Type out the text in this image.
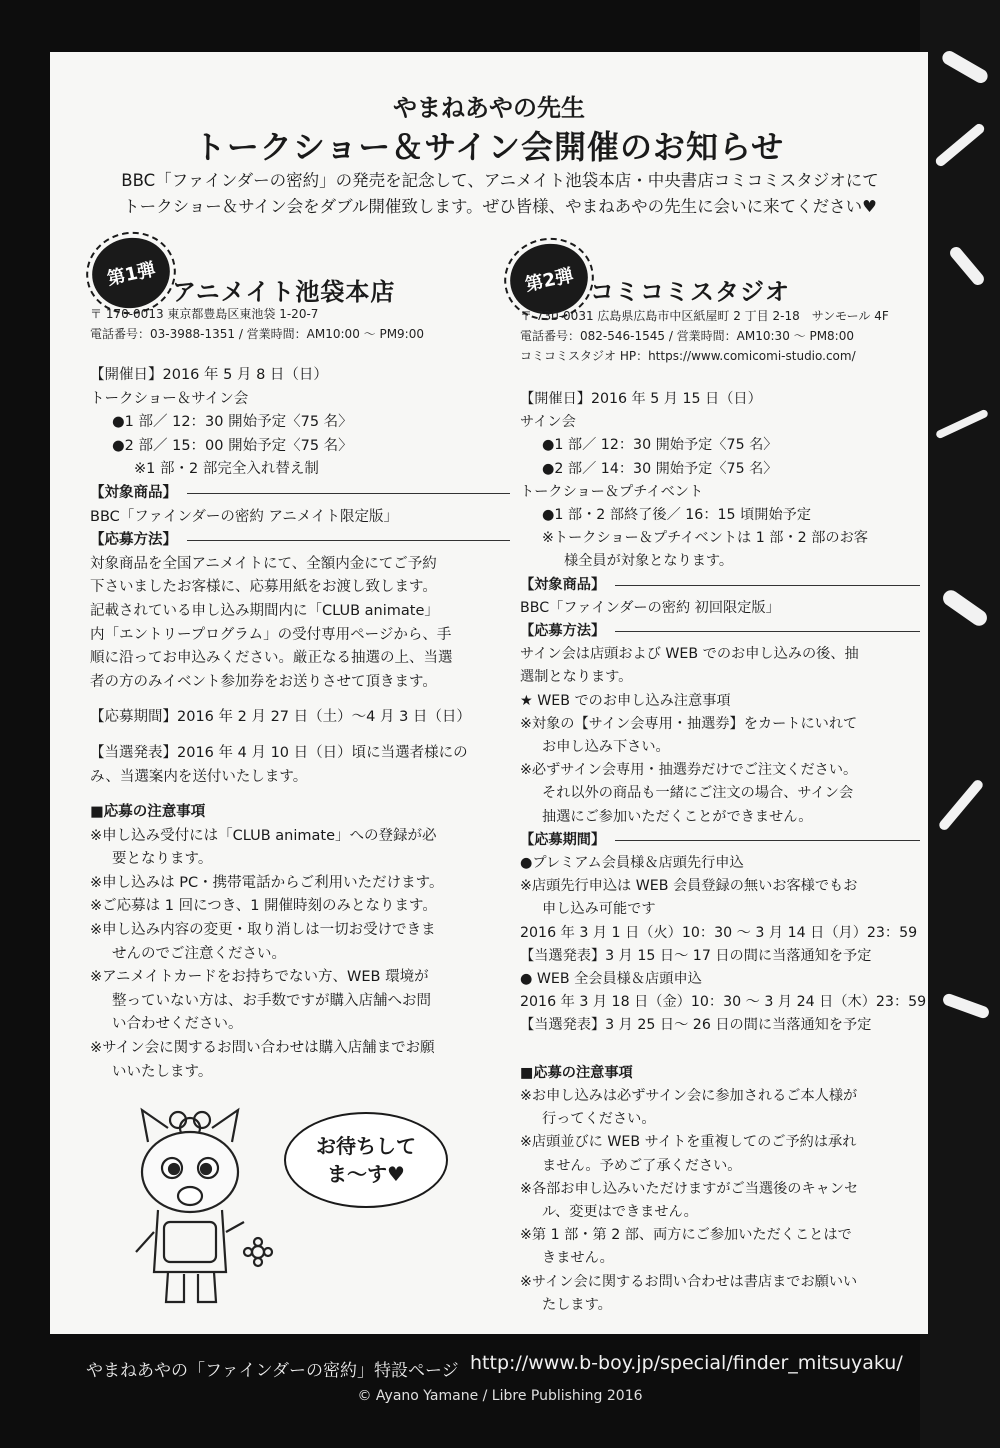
やまねあやの先生
トークショー＆サイン会開催のお知らせ
BBC「ファインダーの密約」の発売を記念して、アニメイト池袋本店・中央書店コミコミスタジオにて
トークショー＆サイン会をダブル開催致します。ぜひ皆様、やまねあやの先生に会いに来てください♥
第1弾
アニメイト池袋本店
〒 170-0013 東京都豊島区東池袋 1-20-7
電話番号：03-3988-1351 / 営業時間：AM10:00 ～ PM9:00
【開催日】2016 年 5 月 8 日（日）
トークショー＆サイン会
●1 部／ 12：30 開始予定〈75 名〉
●2 部／ 15：00 開始予定〈75 名〉
※1 部・2 部完全入れ替え制
【対象商品】
BBC「ファインダーの密約 アニメイト限定版」
【応募方法】
対象商品を全国アニメイトにて、全額内金にてご予約
下さいましたお客様に、応募用紙をお渡し致します。
記載されている申し込み期間内に「CLUB animate」
内「エントリープログラム」の受付専用ページから、手
順に沿ってお申込みください。厳正なる抽選の上、当選
者の方のみイベント参加券をお送りさせて頂きます。
【応募期間】2016 年 2 月 27 日（土）～4 月 3 日（日）
【当選発表】2016 年 4 月 10 日（日）頃に当選者様にの
み、当選案内を送付いたします。
■応募の注意事項
※申し込み受付には「CLUB animate」への登録が必
要となります。
※申し込みは PC・携帯電話からご利用いただけます。
※ご応募は 1 回につき、1 開催時刻のみとなります。
※申し込み内容の変更・取り消しは一切お受けできま
せんのでご注意ください。
※アニメイトカードをお持ちでない方、WEB 環境が
整っていない方は、お手数ですが購入店舗へお問
い合わせください。
※サイン会に関するお問い合わせは購入店舗までお願
いいたします。
第2弾 コミコミスタジオ
〒 730-0031 広島県広島市中区紙屋町 2 丁目 2-18　サンモール 4F
電話番号：082-546-1545 / 営業時間：AM10:30 ～ PM8:00
コミコミスタジオ HP：https://www.comicomi-studio.com/
【開催日】2016 年 5 月 15 日（日）
サイン会
●1 部／ 12：30 開始予定〈75 名〉
●2 部／ 14：30 開始予定〈75 名〉
トークショー＆プチイベント
●1 部・2 部終了後／ 16：15 頃開始予定
※トークショー＆プチイベントは 1 部・2 部のお客
様全員が対象となります。
【対象商品】
BBC「ファインダーの密約 初回限定版」
【応募方法】
サイン会は店頭および WEB でのお申し込みの後、抽
選制となります。
★ WEB でのお申し込み注意事項
※対象の【サイン会専用・抽選券】をカートにいれて
お申し込み下さい。
※必ずサイン会専用・抽選券だけでご注文ください。
それ以外の商品も一緒にご注文の場合、サイン会
抽選にご参加いただくことができません。
【応募期間】
●プレミアム会員様＆店頭先行申込
※店頭先行申込は WEB 会員登録の無いお客様でもお
申し込み可能です
2016 年 3 月 1 日（火）10：30 ～ 3 月 14 日（月）23：59
【当選発表】3 月 15 日～ 17 日の間に当落通知を予定
● WEB 全会員様＆店頭申込
2016 年 3 月 18 日（金）10：30 ～ 3 月 24 日（木）23：59
【当選発表】3 月 25 日～ 26 日の間に当落通知を予定
■応募の注意事項
※お申し込みは必ずサイン会に参加されるご本人様が
行ってください。
※店頭並びに WEB サイトを重複してのご予約は承れ
ません。予めご了承ください。
※各部お申し込みいただけますがご当選後のキャンセ
ル、変更はできません。
※第 1 部・第 2 部、両方にご参加いただくことはで
きません。
※サイン会に関するお問い合わせは書店までお願いい
たします。
お待ちして
ま～す♥
やまねあやの「ファインダーの密約」特設ページ http://www.b-boy.jp/special/finder_mitsuyaku/
© Ayano Yamane / Libre Publishing 2016
